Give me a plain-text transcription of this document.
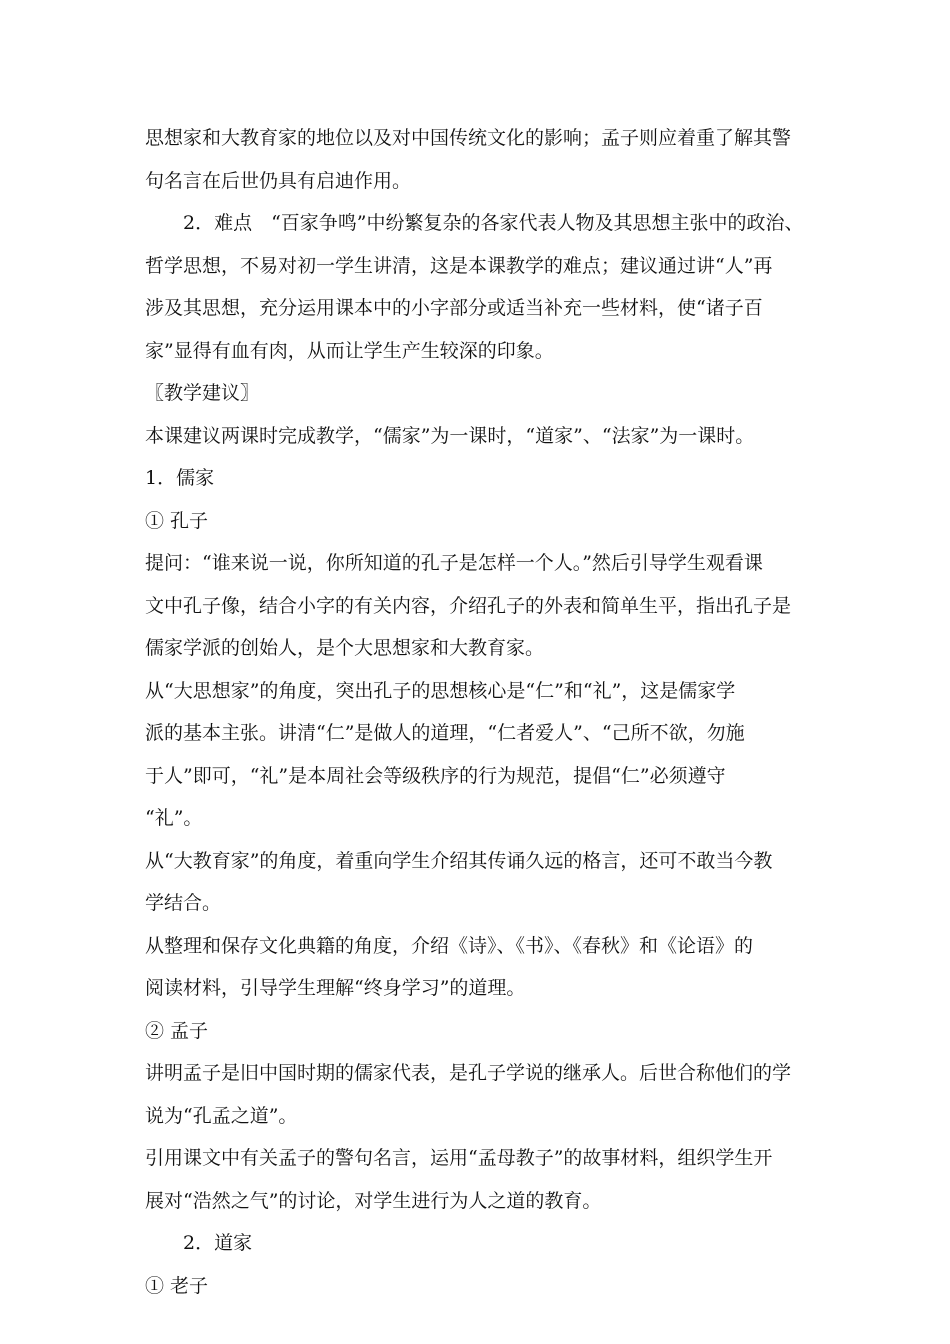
思想家和大教育家的地位以及对中国传统文化的影响；孟子则应着重了解其警
句名言在后世仍具有启迪作用。
2．难点　“百家争鸣”中纷繁复杂的各家代表人物及其思想主张中的政治、
哲学思想，不易对初一学生讲清，这是本课教学的难点；建议通过讲“人”再
涉及其思想，充分运用课本中的小字部分或适当补充一些材料，使“诸子百
家”显得有血有肉，从而让学生产生较深的印象。
〖教学建议〗
本课建议两课时完成教学，“儒家”为一课时，“道家”、“法家”为一课时。
1．儒家
① 孔子
提问：“谁来说一说，你所知道的孔子是怎样一个人。”然后引导学生观看课
文中孔子像，结合小字的有关内容，介绍孔子的外表和简单生平，指出孔子是
儒家学派的创始人，是个大思想家和大教育家。
从“大思想家”的角度，突出孔子的思想核心是“仁”和“礼”，这是儒家学
派的基本主张。讲清“仁”是做人的道理，“仁者爱人”、“己所不欲，勿施
于人”即可，“礼”是本周社会等级秩序的行为规范，提倡“仁”必须遵守
“礼”。
从“大教育家”的角度，着重向学生介绍其传诵久远的格言，还可不敢当今教
学结合。
从整理和保存文化典籍的角度，介绍《诗》、《书》、《春秋》和《论语》的
阅读材料，引导学生理解“终身学习”的道理。
② 孟子
讲明孟子是旧中国时期的儒家代表，是孔子学说的继承人。后世合称他们的学
说为“孔孟之道”。
引用课文中有关孟子的警句名言，运用“孟母教子”的故事材料，组织学生开
展对“浩然之气”的讨论，对学生进行为人之道的教育。
2．道家
① 老子
